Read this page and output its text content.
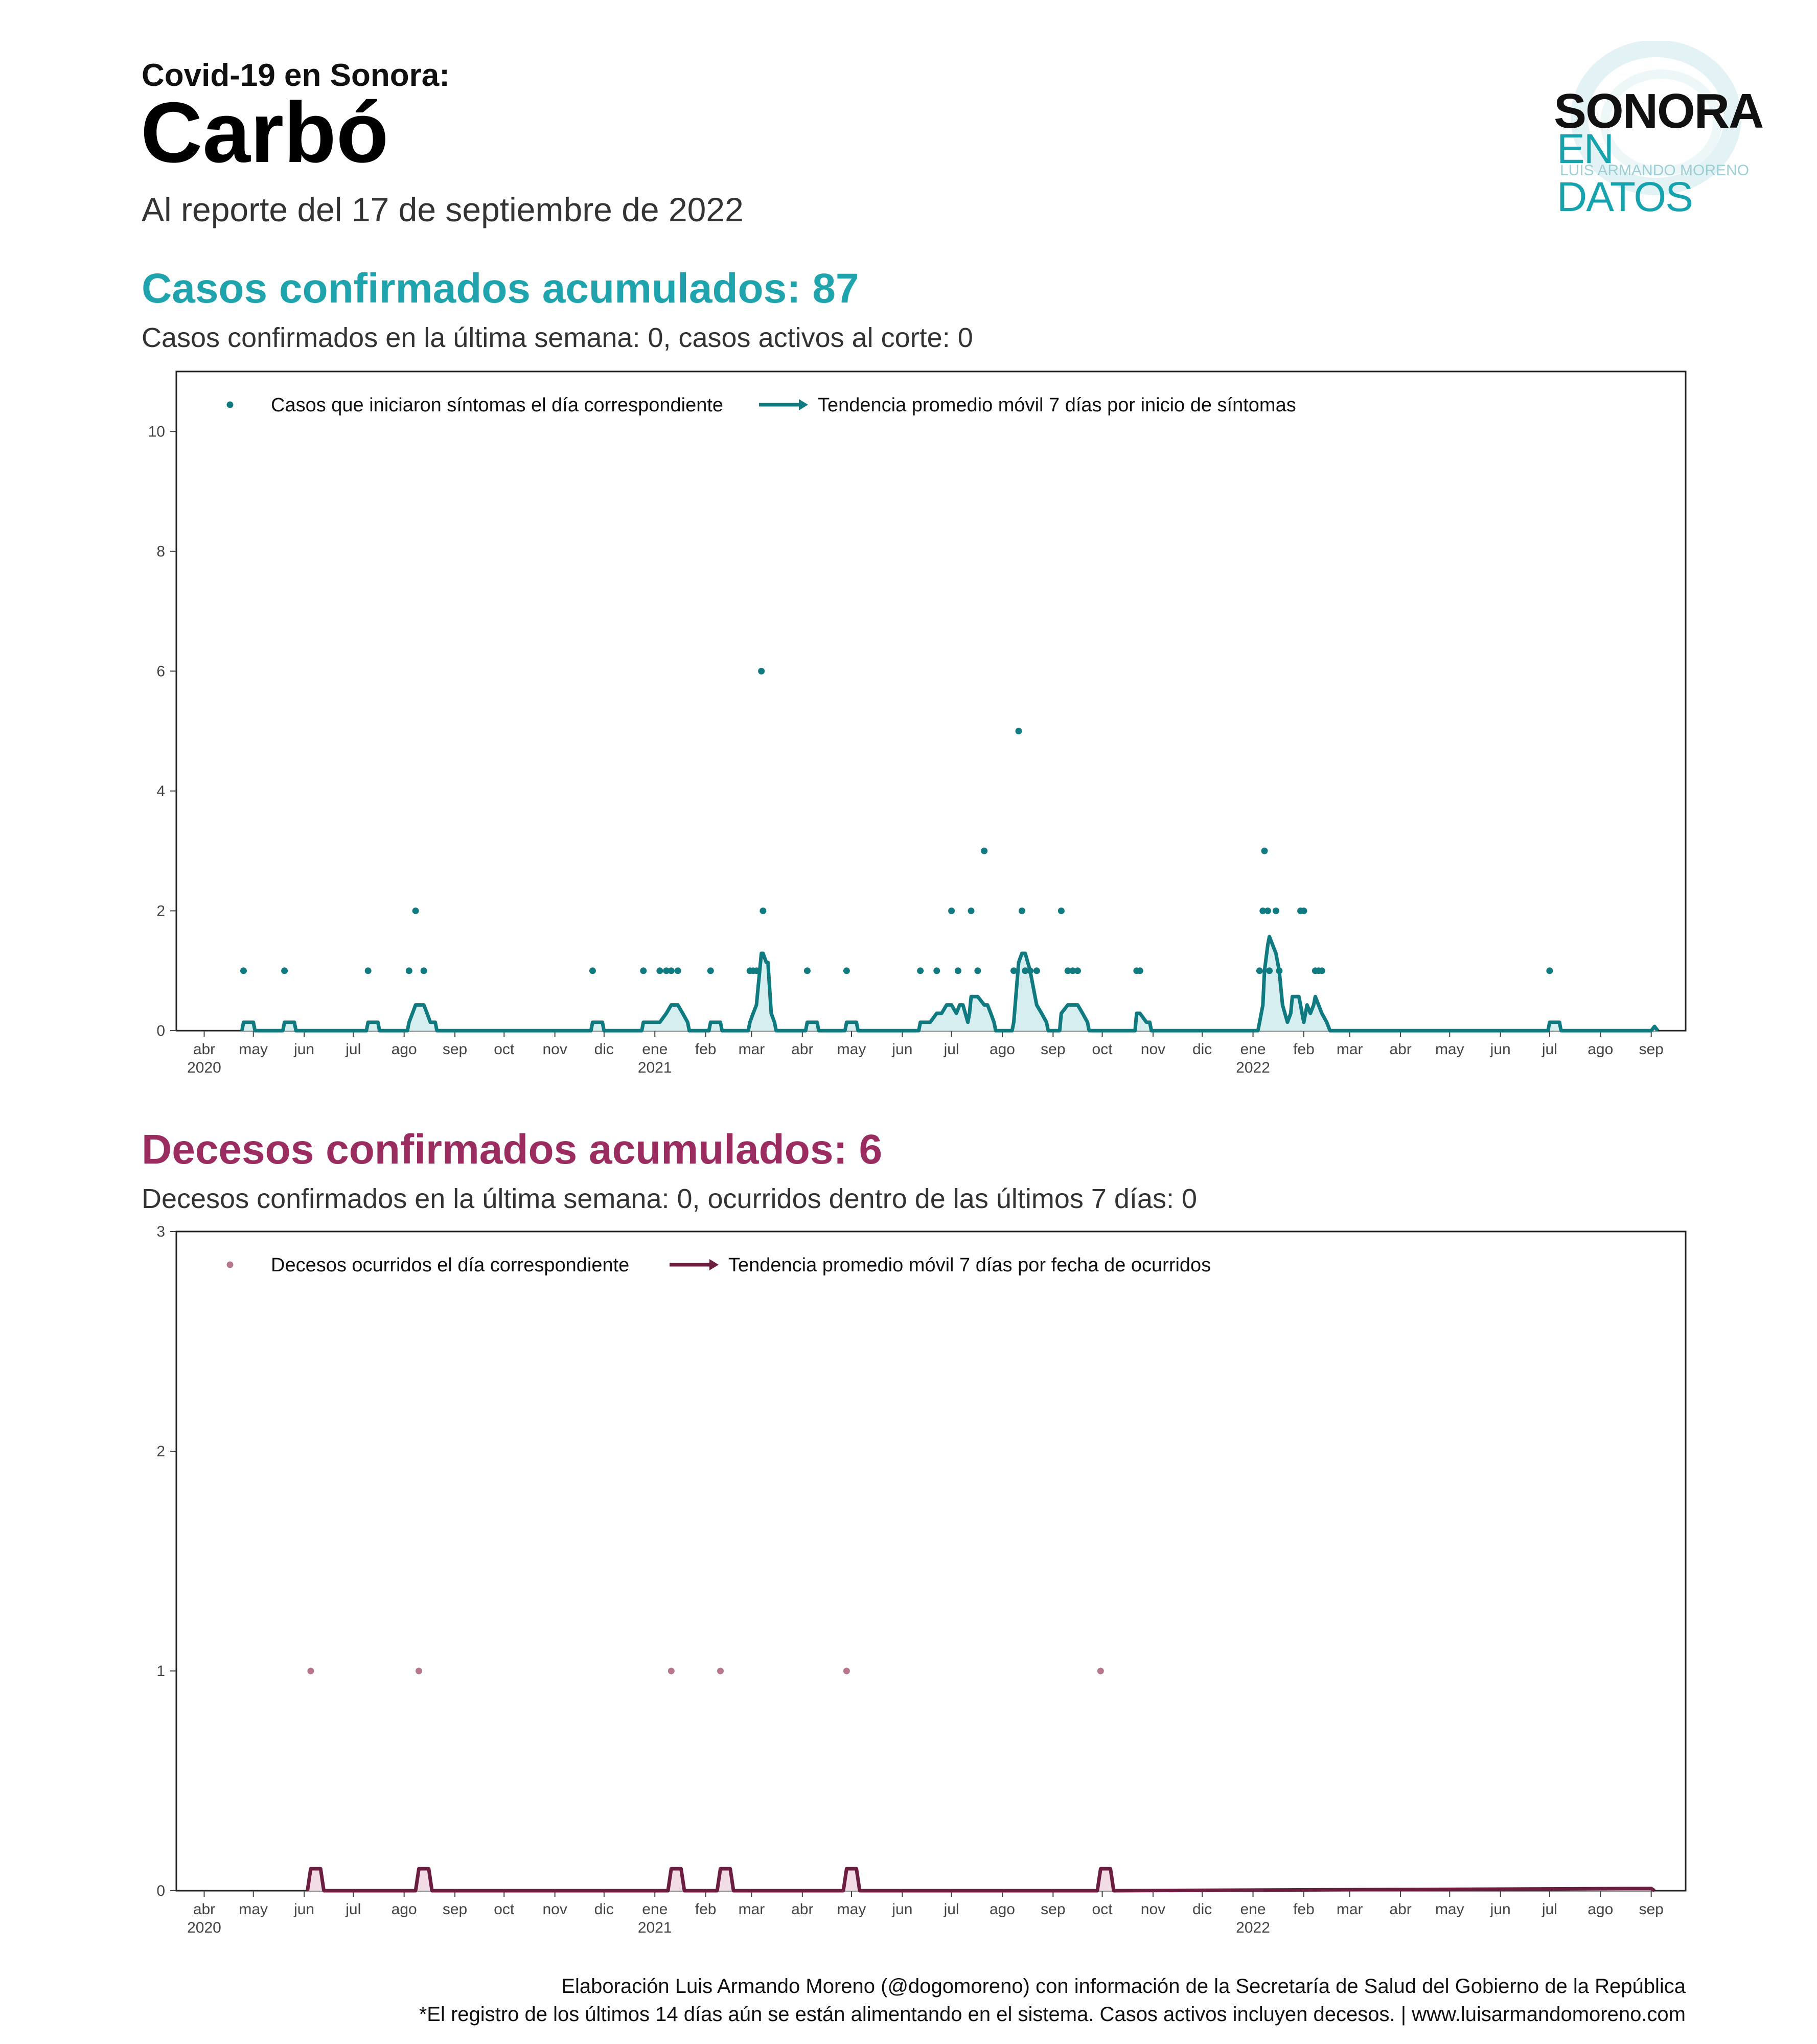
Covid-19 en Sonora:
Carbó
Al reporte del 17 de septiembre de 2022
SONORA
EN DATOS
LUIS ARMANDO MORENO
Casos confirmados acumulados: 87
Casos confirmados en la última semana: 0, casos activos al corte: 0
0
2
4
6
8
10
abr
2020
may jun jul ago sep oct nov dic ene
2021
feb mar abr may jun jul ago sep oct nov dic ene
2022
feb mar abr may jun jul ago sep
Casos que iniciaron síntomas el día correspondiente	Tendencia promedio móvil 7 días por inicio de síntomas
Decesos confirmados acumulados: 6
Decesos confirmados en la última semana: 0, ocurridos dentro de las últimos 7 días: 0
0
1
2
3
abr
2020
may jun jul ago sep oct nov dic ene
2021
feb mar abr may jun jul ago sep oct nov dic ene
2022
feb mar abr may jun jul ago sep
Decesos ocurridos el día correspondiente	Tendencia promedio móvil 7 días por fecha de ocurridos
Elaboración Luis Armando Moreno (@dogomoreno) con información de la Secretaría de Salud del Gobierno de la República
*El registro de los últimos 14 días aún se están alimentando en el sistema. Casos activos incluyen decesos. | www.luisarmandomoreno.com
